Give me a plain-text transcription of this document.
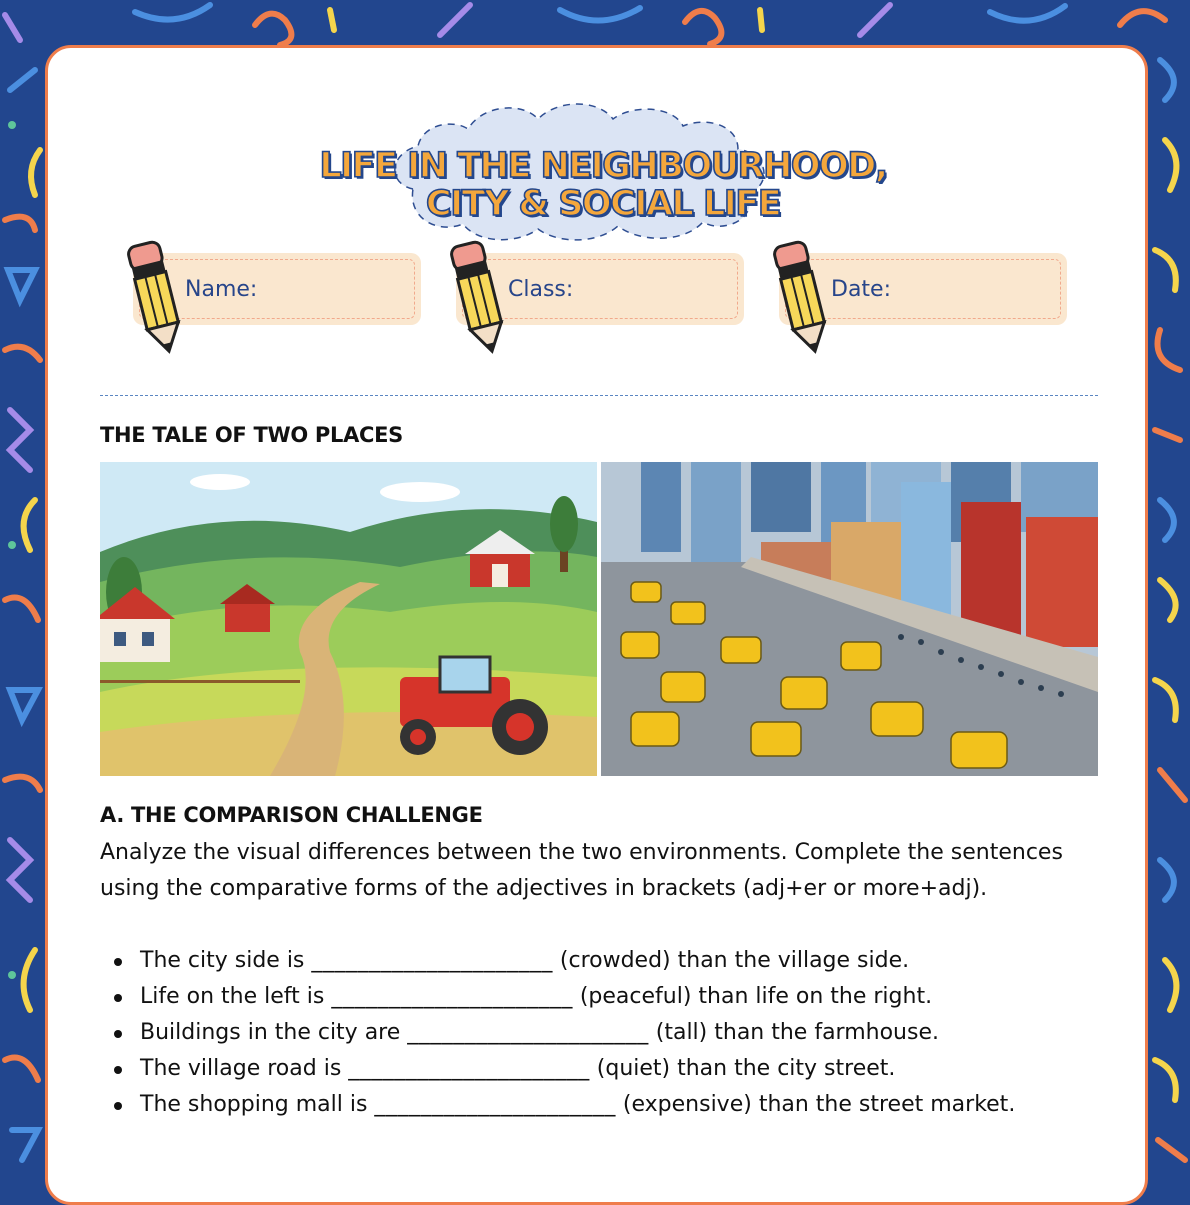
LIFE IN THE NEIGHBOURHOOD,
CITY & SOCIAL LIFE
Name:	Class:	Date:
THE TALE OF TWO PLACES
A. THE COMPARISON CHALLENGE

Analyze the visual differences between the two environments. Complete the sentences using the comparative forms of the adjectives in brackets (adj+er or more+adj).

The city side is _____________________ (crowded) than the village side.
Life on the left is _____________________ (peaceful) than life on the right.
Buildings in the city are _____________________ (tall) than the farmhouse.
The village road is _____________________ (quiet) than the city street.
The shopping mall is _____________________ (expensive) than the street market.
